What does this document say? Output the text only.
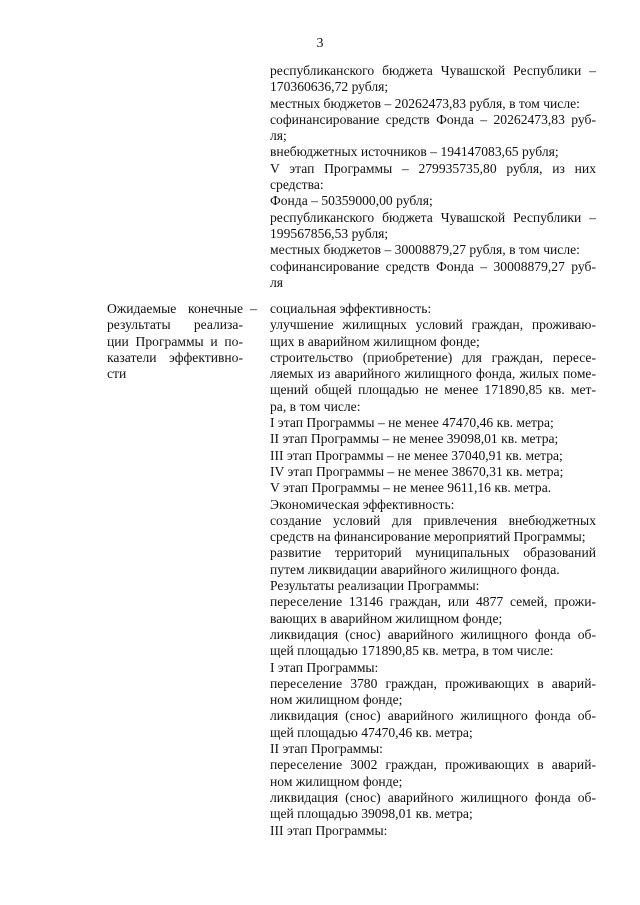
3
республиканского бюджета Чувашской Республики –
170360636,72 рубля;
местных бюджетов – 20262473,83 рубля, в том числе:
софинансирование средств Фонда – 20262473,83 руб-
ля;
внебюджетных источников – 194147083,65 рубля;
V этап Программы – 279935735,80 рубля, из них
средства:
Фонда – 50359000,00 рубля;
республиканского бюджета Чувашской Республики –
199567856,53 рубля;
местных бюджетов – 30008879,27 рубля, в том числе:
софинансирование средств Фонда – 30008879,27 руб-
ля
Ожидаемые конечные
результаты реализа-
ции Программы и по-
казатели эффективно-
сти
– социальная эффективность:
улучшение жилищных условий граждан, проживаю-
щих в аварийном жилищном фонде;
строительство (приобретение) для граждан, пересе-
ляемых из аварийного жилищного фонда, жилых поме-
щений общей площадью не менее 171890,85 кв. мет-
ра, в том числе:
I этап Программы – не менее 47470,46 кв. метра;
II этап Программы – не менее 39098,01 кв. метра;
III этап Программы – не менее 37040,91 кв. метра;
IV этап Программы – не менее 38670,31 кв. метра;
V этап Программы – не менее 9611,16 кв. метра.
Экономическая эффективность:
создание условий для привлечения внебюджетных
средств на финансирование мероприятий Программы;
развитие территорий муниципальных образований
путем ликвидации аварийного жилищного фонда.
Результаты реализации Программы:
переселение 13146 граждан, или 4877 семей, прожи-
вающих в аварийном жилищном фонде;
ликвидация (снос) аварийного жилищного фонда об-
щей площадью 171890,85 кв. метра, в том числе:
I этап Программы:
переселение 3780 граждан, проживающих в аварий-
ном жилищном фонде;
ликвидация (снос) аварийного жилищного фонда об-
щей площадью 47470,46 кв. метра;
II этап Программы:
переселение 3002 граждан, проживающих в аварий-
ном жилищном фонде;
ликвидация (снос) аварийного жилищного фонда об-
щей площадью 39098,01 кв. метра;
III этап Программы:
